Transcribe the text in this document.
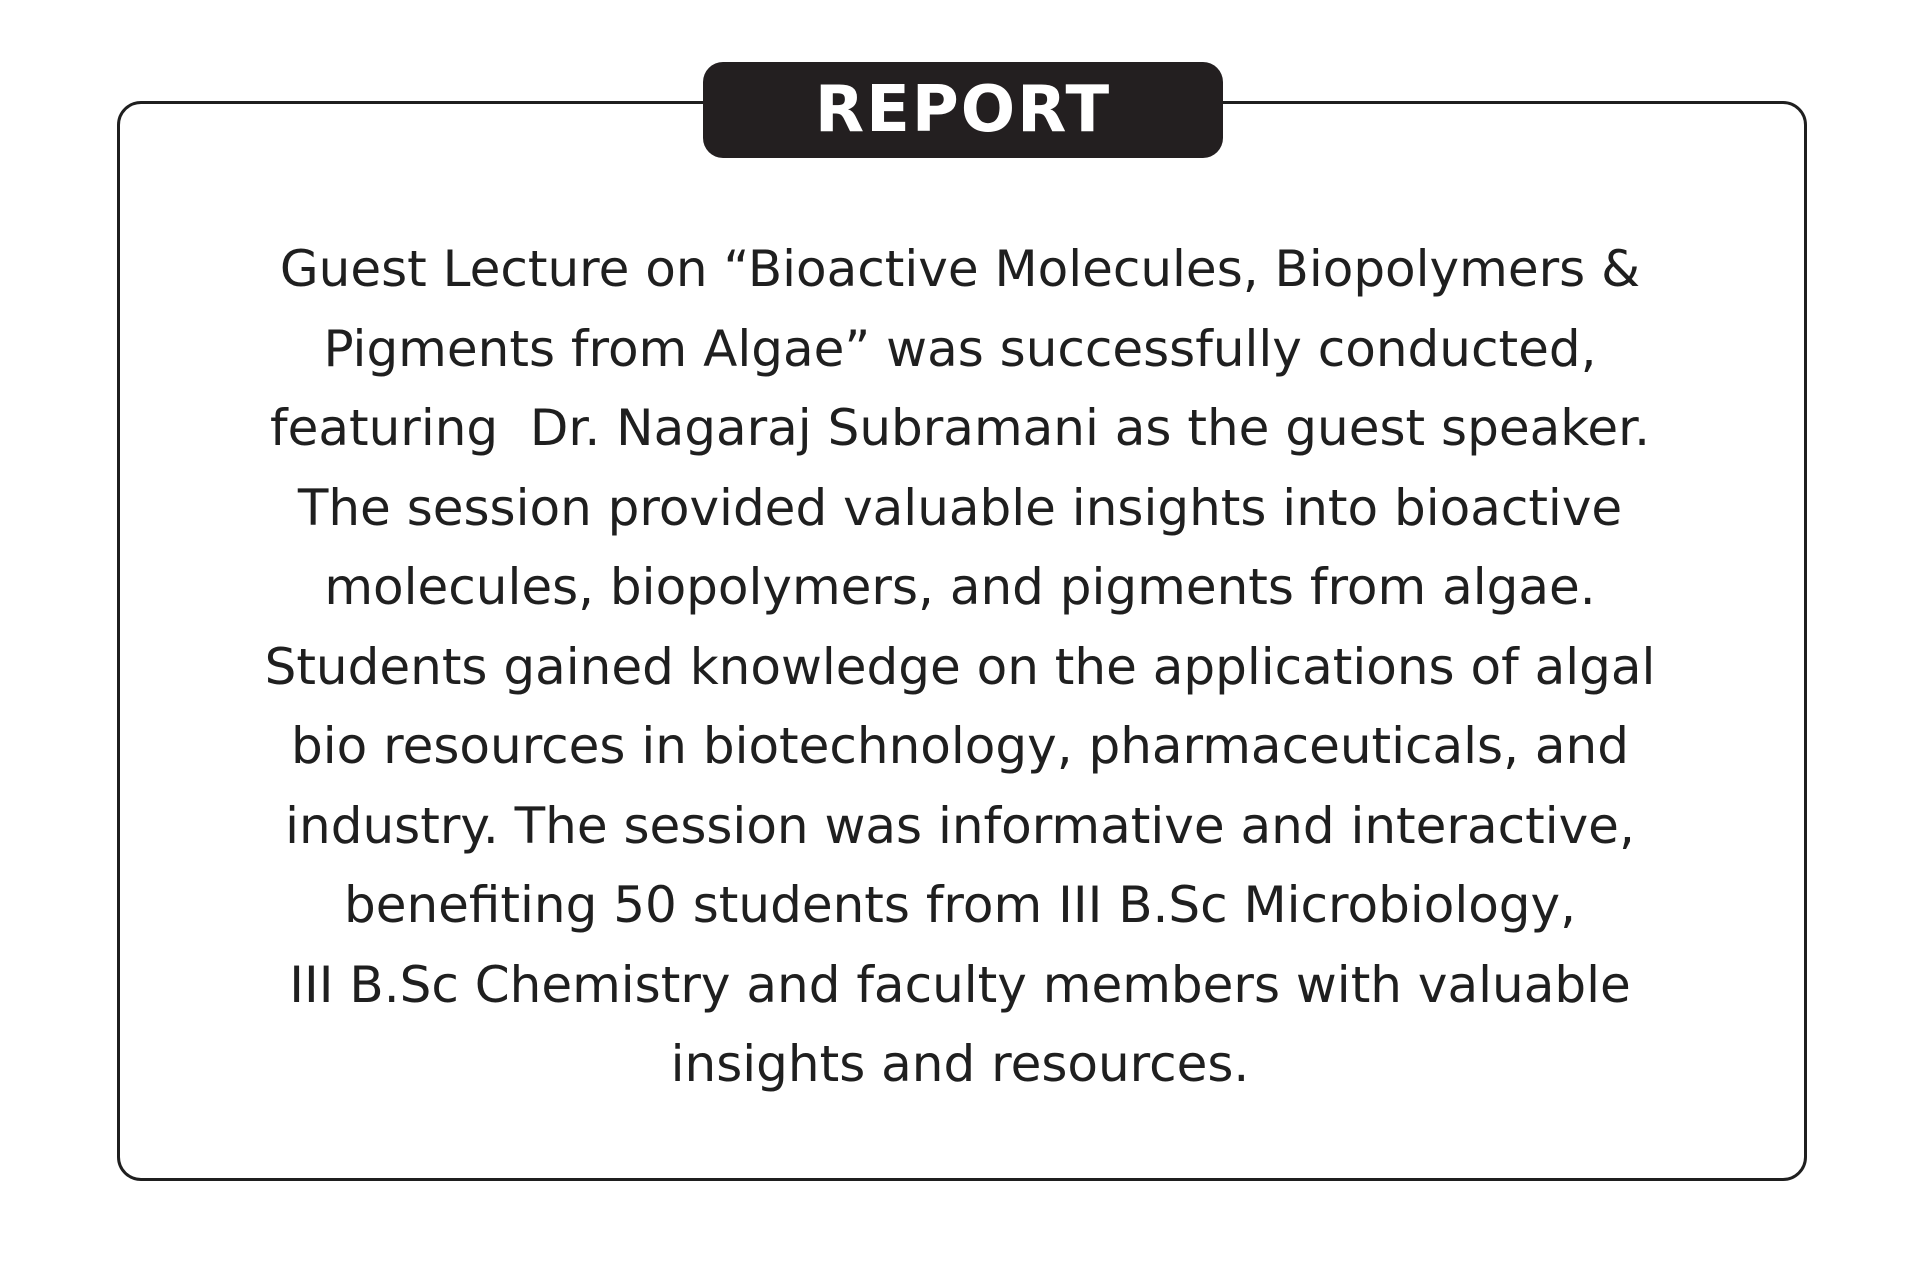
REPORT
Guest Lecture on “Bioactive Molecules, Biopolymers &
Pigments from Algae” was successfully conducted,
featuring  Dr. Nagaraj Subramani as the guest speaker.
The session provided valuable insights into bioactive
molecules, biopolymers, and pigments from algae.
Students gained knowledge on the applications of algal
bio resources in biotechnology, pharmaceuticals, and
industry. The session was informative and interactive,
benefiting 50 students from III B.Sc Microbiology,
III B.Sc Chemistry and faculty members with valuable
insights and resources.
